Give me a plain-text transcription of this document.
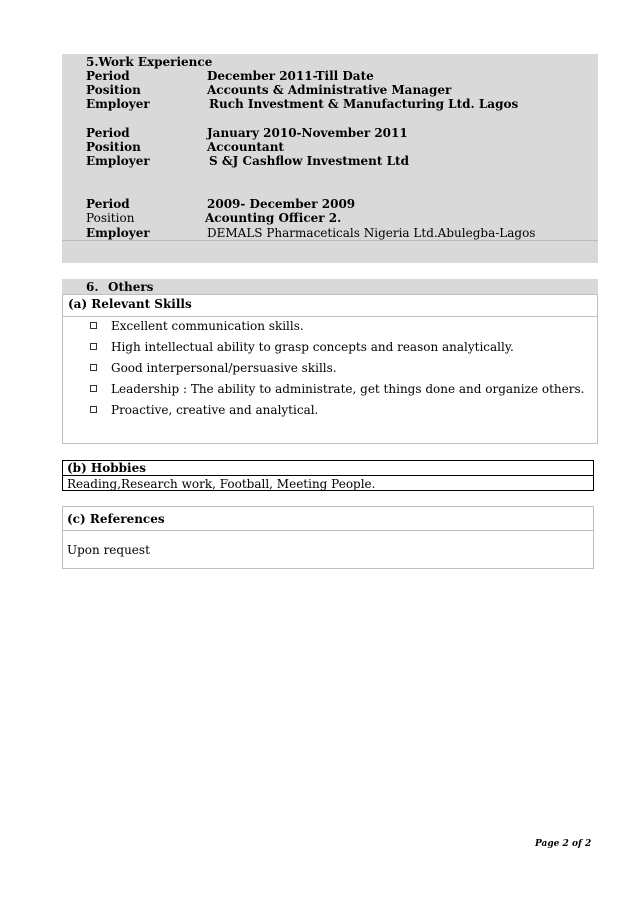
5.Work Experience
Period	December 2011-Till Date
Position	Accounts & Administrative Manager
Employer	Ruch Investment & Manufacturing Ltd. Lagos
Period	January 2010-November 2011
Position	Accountant
Employer	S &J Cashflow Investment Ltd
Period	2009- December 2009
Position	Acounting Officer 2.
Employer	DEMALS Pharmaceticals Nigeria Ltd.Abulegba-Lagos
6. Others
(a) Relevant Skills
Excellent communication skills.
High intellectual ability to grasp concepts and reason analytically.
Good interpersonal/persuasive skills.
Leadership : The ability to administrate, get things done and organize others.
Proactive, creative and analytical.
(b) Hobbies
Reading,Research work, Football, Meeting People.
(c) References
Upon request
Page 2 of 2
